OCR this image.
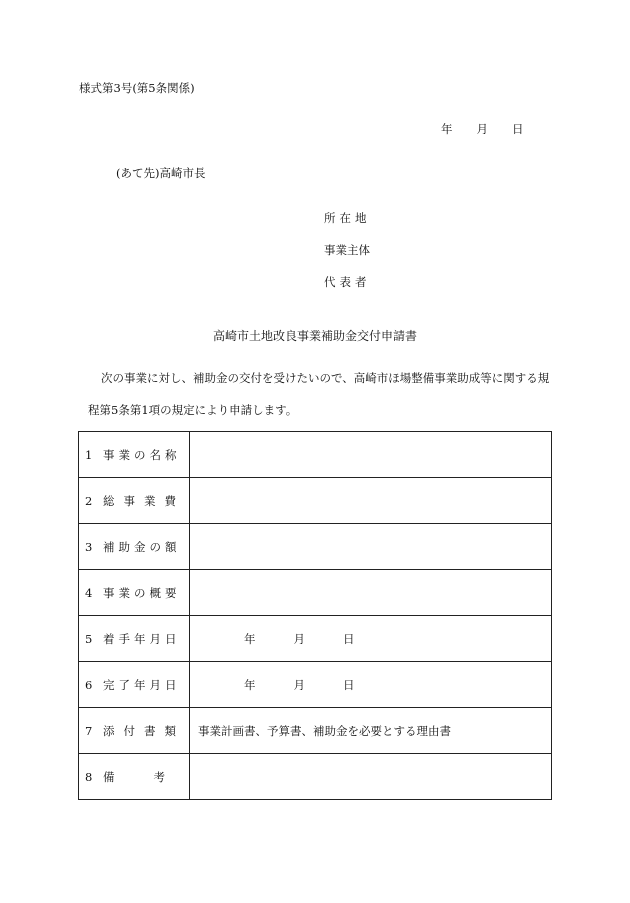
様式第3号(第5条関係)
年 月 日
(あて先)高崎市長
所在地
事業主体
代表者
高崎市土地改良事業補助金交付申請書
次の事業に対し、補助金の交付を受けたいので、高崎市ほ場整備事業助成等に関する規程第5条第1項の規定により申請します。
1 事業の名称	
2 総事業費	
3 補助金の額	
4 事業の概要	
5 着手年月日	年 月 日
6 完了年月日	年 月 日
7 添付書類	事業計画書、予算書、補助金を必要とする理由書
8 備考	
